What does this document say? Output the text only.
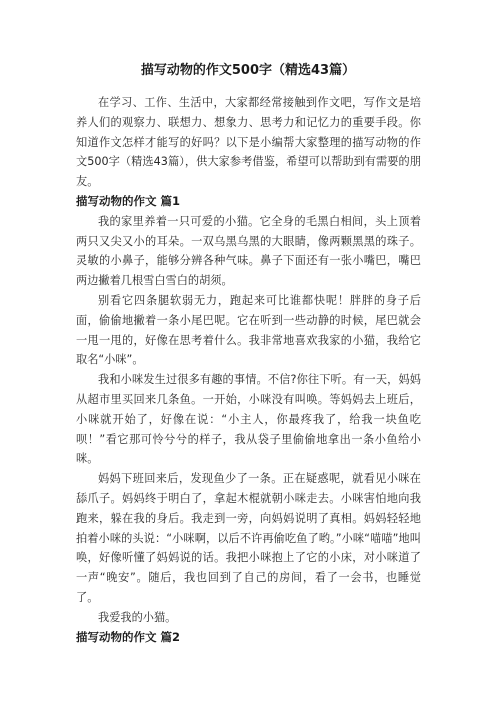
描写动物的作文500字（精选43篇）

在学习、工作、生活中，大家都经常接触到作文吧，写作文是培养人们的观察力、联想力、想象力、思考力和记忆力的重要手段。你知道作文怎样才能写的好吗？以下是小编帮大家整理的描写动物的作文500字（精选43篇），供大家参考借鉴，希望可以帮助到有需要的朋友。

描写动物的作文 篇1

我的家里养着一只可爱的小猫。它全身的毛黑白相间，头上顶着两只又尖又小的耳朵。一双乌黑乌黑的大眼睛，像两颗黑黑的珠子。灵敏的小鼻子，能够分辨各种气味。鼻子下面还有一张小嘴巴，嘴巴两边撇着几根雪白雪白的胡须。

别看它四条腿软弱无力，跑起来可比谁都快呢！胖胖的身子后面，偷偷地撇着一条小尾巴呢。它在听到一些动静的时候，尾巴就会一甩一甩的，好像在思考着什么。我非常地喜欢我家的小猫，我给它取名“小咪”。

我和小咪发生过很多有趣的事情。不信?你往下听。有一天，妈妈从超市里买回来几条鱼。一开始，小咪没有叫唤。等妈妈去上班后，小咪就开始了，好像在说：“小主人，你最疼我了，给我一块鱼吃呗！”看它那可怜兮兮的样子，我从袋子里偷偷地拿出一条小鱼给小咪。

妈妈下班回来后，发现鱼少了一条。正在疑惑呢，就看见小咪在舔爪子。妈妈终于明白了，拿起木棍就朝小咪走去。小咪害怕地向我跑来，躲在我的身后。我走到一旁，向妈妈说明了真相。妈妈轻轻地拍着小咪的头说：“小咪啊，以后不许再偷吃鱼了哟。”小咪“喵喵”地叫唤，好像听懂了妈妈说的话。我把小咪抱上了它的小床，对小咪道了一声“晚安”。随后，我也回到了自己的房间，看了一会书，也睡觉了。

我爱我的小猫。

描写动物的作文 篇2
